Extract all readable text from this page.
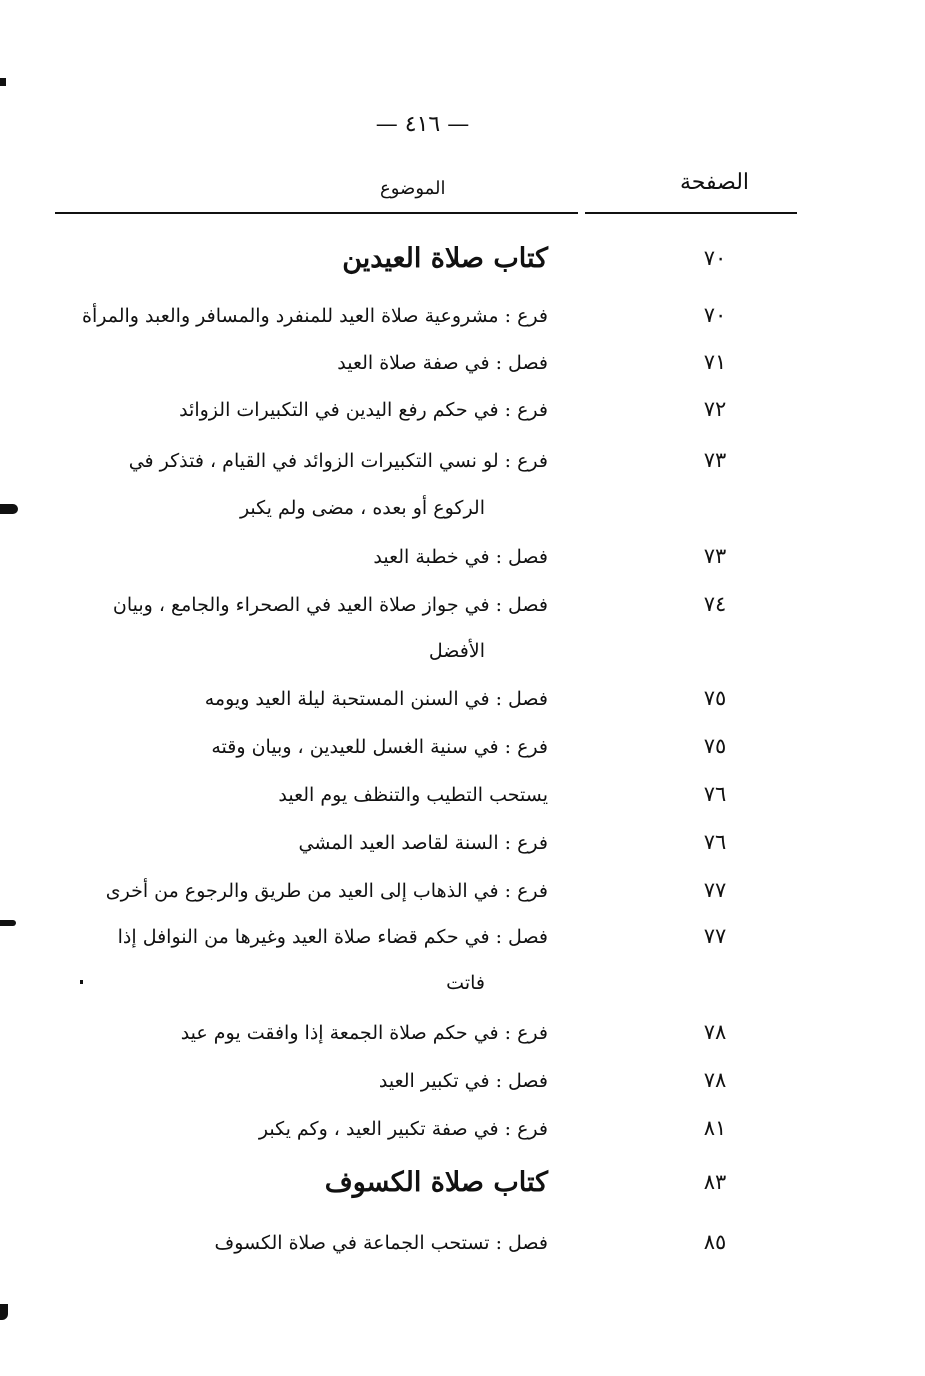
— ٤١٦ —
الصفحة
الموضوع
٧٠
كتاب صلاة العيدين
٧٠
فرع : مشروعية صلاة العيد للمنفرد والمسافر والعبد والمرأة
٧١
فصل : في صفة صلاة العيد
٧٢
فرع : في حكم رفع اليدين في التكبيرات الزوائد
٧٣
فرع : لو نسي التكبيرات الزوائد في القيام ، فتذكر في
الركوع أو بعده ، مضى ولم يكبر
٧٣
فصل : في خطبة العيد
٧٤
فصل : في جواز صلاة العيد في الصحراء والجامع ، وبيان
الأفضل
٧٥
فصل : في السنن المستحبة ليلة العيد ويومه
٧٥
فرع : في سنية الغسل للعيدين ، وبيان وقته
٧٦
يستحب التطيب والتنظف يوم العيد
٧٦
فرع : السنة لقاصد العيد المشي
٧٧
فرع : في الذهاب إلى العيد من طريق والرجوع من أخرى
٧٧
فصل : في حكم قضاء صلاة العيد وغيرها من النوافل إذا
فاتت
٧٨
فرع : في حكم صلاة الجمعة إذا وافقت يوم عيد
٧٨
فصل : في تكبير العيد
٨١
فرع : في صفة تكبير العيد ، وكم يكبر
٨٣
كتاب صلاة الكسوف
٨٥
فصل : تستحب الجماعة في صلاة الكسوف
